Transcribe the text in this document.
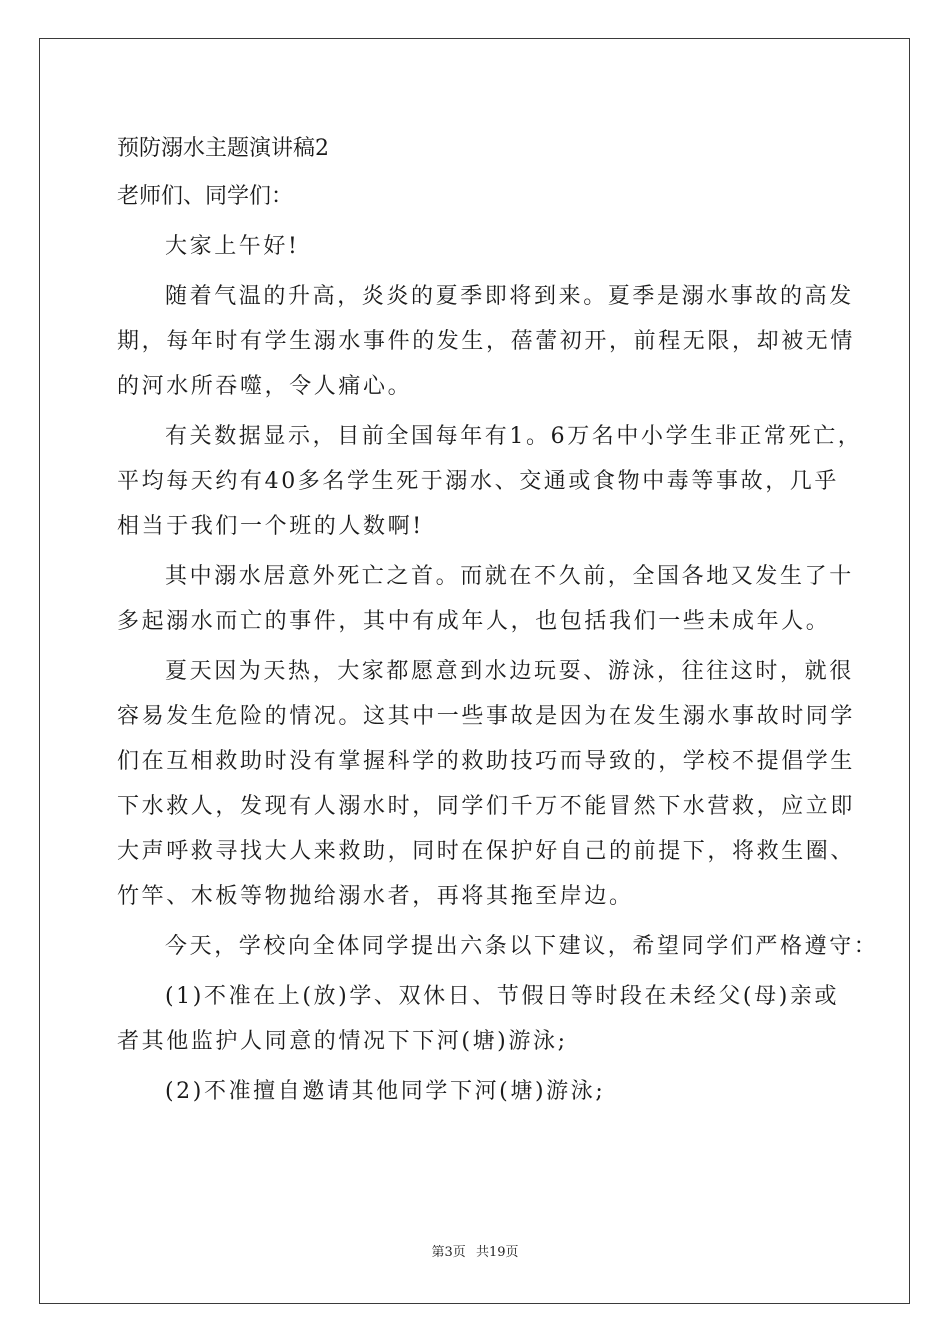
预防溺水主题演讲稿2

老师们、同学们：

大家上午好!

随着气温的升高，炎炎的夏季即将到来。夏季是溺水事故的高发

期，每年时有学生溺水事件的发生，蓓蕾初开，前程无限，却被无情

的河水所吞噬，令人痛心。

有关数据显示，目前全国每年有1。6万名中小学生非正常死亡，

平均每天约有40多名学生死于溺水、交通或食物中毒等事故，几乎

相当于我们一个班的人数啊!

其中溺水居意外死亡之首。而就在不久前，全国各地又发生了十

多起溺水而亡的事件，其中有成年人，也包括我们一些未成年人。

夏天因为天热，大家都愿意到水边玩耍、游泳，往往这时，就很

容易发生危险的情况。这其中一些事故是因为在发生溺水事故时同学

们在互相救助时没有掌握科学的救助技巧而导致的，学校不提倡学生

下水救人，发现有人溺水时，同学们千万不能冒然下水营救，应立即

大声呼救寻找大人来救助，同时在保护好自己的前提下，将救生圈、

竹竿、木板等物抛给溺水者，再将其拖至岸边。

今天，学校向全体同学提出六条以下建议，希望同学们严格遵守：

(1)不准在上(放)学、双休日、节假日等时段在未经父(母)亲或

者其他监护人同意的情况下下河(塘)游泳;

(2)不准擅自邀请其他同学下河(塘)游泳;

第3页 共19页
